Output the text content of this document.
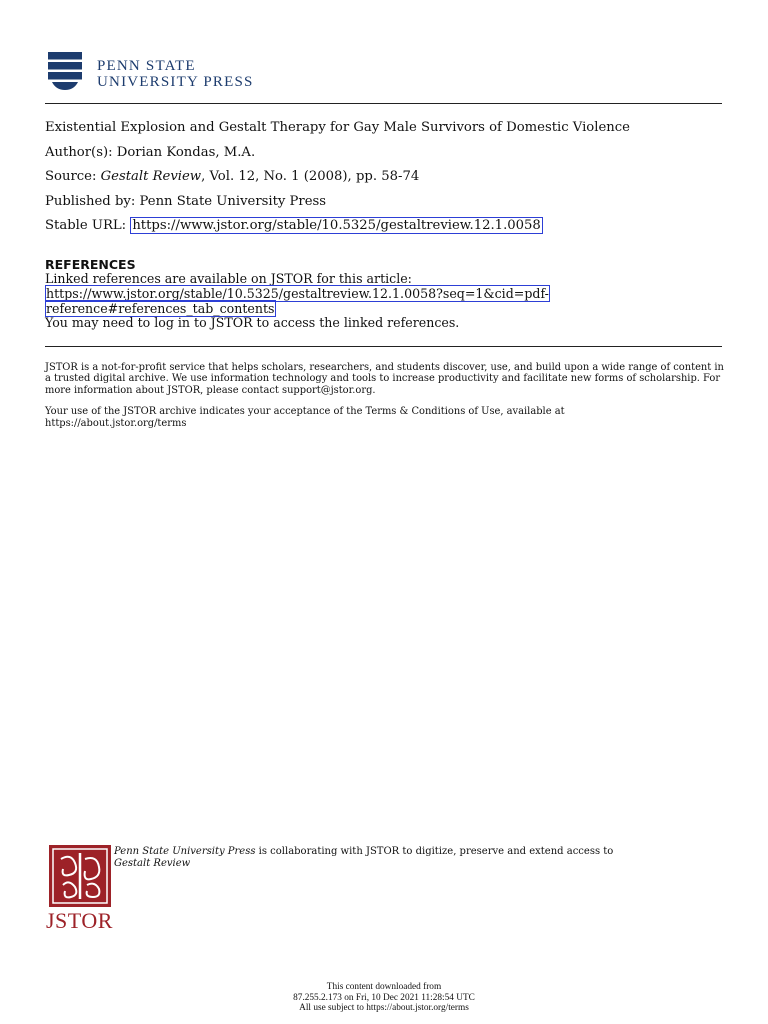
PENN STATE
UNIVERSITY PRESS
Existential Explosion and Gestalt Therapy for Gay Male Survivors of Domestic Violence
Author(s): Dorian Kondas, M.A.
Source: Gestalt Review, Vol. 12, No. 1 (2008), pp. 58-74
Published by: Penn State University Press
Stable URL: https://www.jstor.org/stable/10.5325/gestaltreview.12.1.0058
REFERENCES
Linked references are available on JSTOR for this article:
https://www.jstor.org/stable/10.5325/gestaltreview.12.1.0058?seq=1&cid=pdf-
reference#references_tab_contents
You may need to log in to JSTOR to access the linked references.

JSTOR is a not-for-profit service that helps scholars, researchers, and students discover, use, and build upon a wide range of content in a trusted digital archive. We use information technology and tools to increase productivity and facilitate new forms of scholarship. For more information about JSTOR, please contact support@jstor.org.

Your use of the JSTOR archive indicates your acceptance of the Terms & Conditions of Use, available at
https://about.jstor.org/terms

JSTOR
Penn State University Press is collaborating with JSTOR to digitize, preserve and extend access to
Gestalt Review
This content downloaded from
87.255.2.173 on Fri, 10 Dec 2021 11:28:54 UTC
All use subject to https://about.jstor.org/terms
